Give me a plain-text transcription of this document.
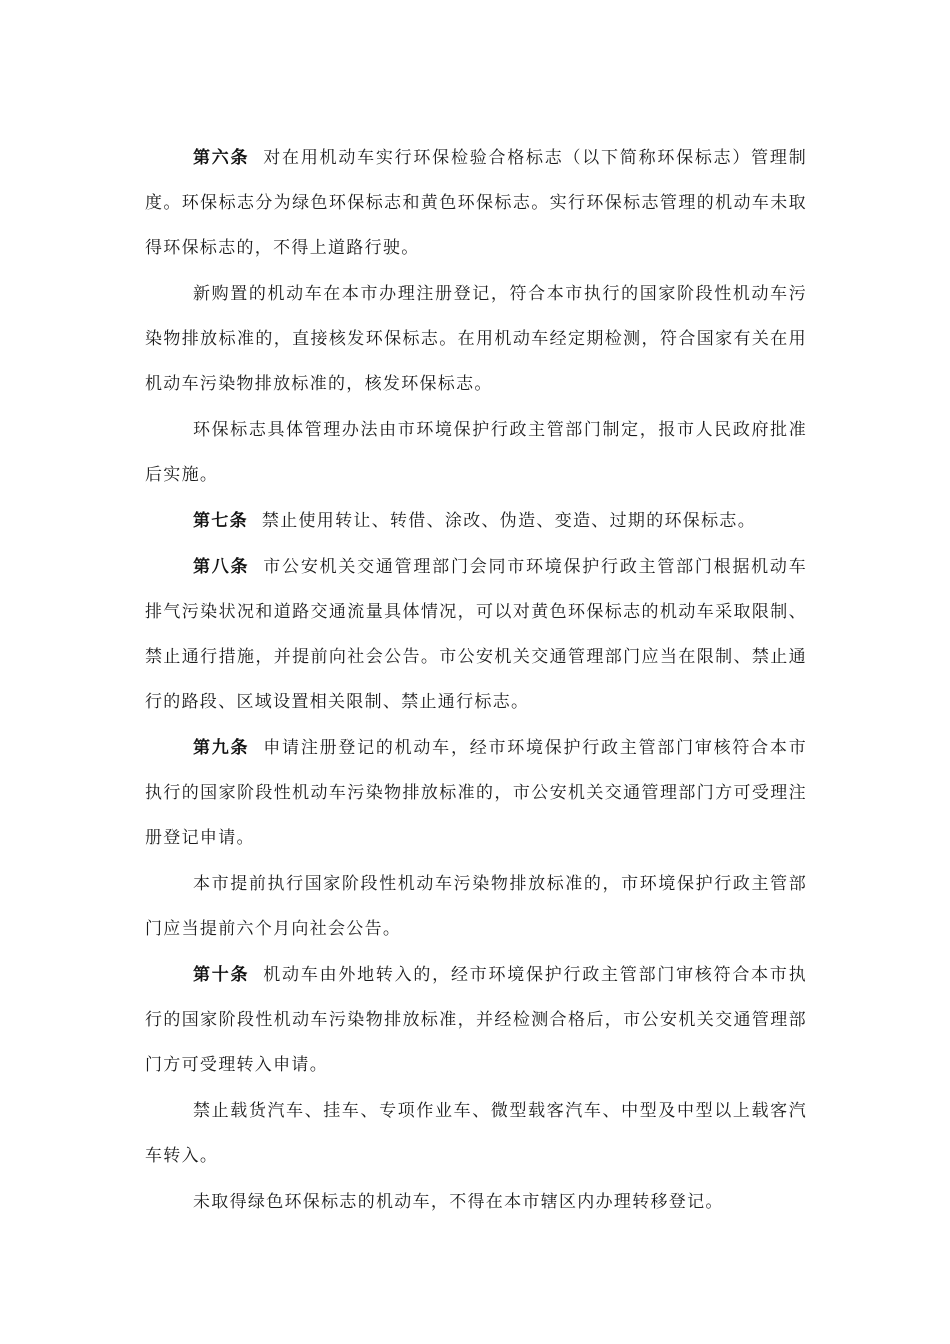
第六条 对在用机动车实行环保检验合格标志（以下简称环保标志）管理制度。环保标志分为绿色环保标志和黄色环保标志。实行环保标志管理的机动车未取得环保标志的，不得上道路行驶。

新购置的机动车在本市办理注册登记，符合本市执行的国家阶段性机动车污染物排放标准的，直接核发环保标志。在用机动车经定期检测，符合国家有关在用机动车污染物排放标准的，核发环保标志。

环保标志具体管理办法由市环境保护行政主管部门制定，报市人民政府批准后实施。

第七条 禁止使用转让、转借、涂改、伪造、变造、过期的环保标志。

第八条 市公安机关交通管理部门会同市环境保护行政主管部门根据机动车排气污染状况和道路交通流量具体情况，可以对黄色环保标志的机动车采取限制、禁止通行措施，并提前向社会公告。市公安机关交通管理部门应当在限制、禁止通行的路段、区域设置相关限制、禁止通行标志。

第九条 申请注册登记的机动车，经市环境保护行政主管部门审核符合本市执行的国家阶段性机动车污染物排放标准的，市公安机关交通管理部门方可受理注册登记申请。

本市提前执行国家阶段性机动车污染物排放标准的，市环境保护行政主管部门应当提前六个月向社会公告。

第十条 机动车由外地转入的，经市环境保护行政主管部门审核符合本市执行的国家阶段性机动车污染物排放标准，并经检测合格后，市公安机关交通管理部门方可受理转入申请。

禁止载货汽车、挂车、专项作业车、微型载客汽车、中型及中型以上载客汽车转入。

未取得绿色环保标志的机动车，不得在本市辖区内办理转移登记。
